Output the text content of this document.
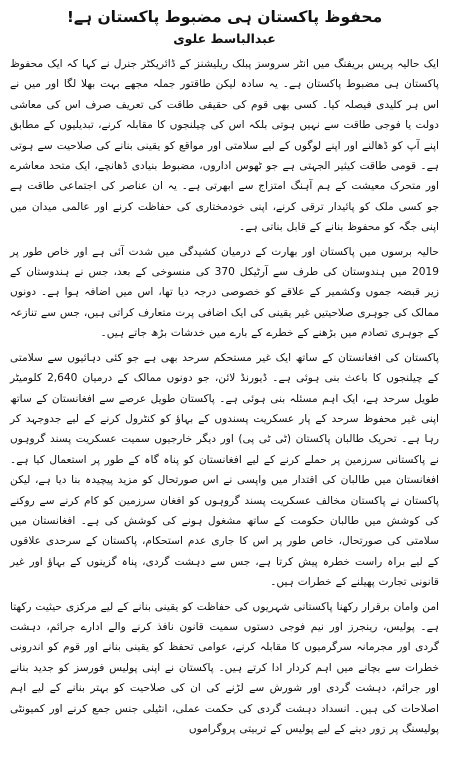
محفوظ پاکستان ہی مضبوط پاکستان ہے!
عبدالباسط علوی

ایک حالیہ پریس بریفنگ میں انٹر سروسز پبلک ریلیشنز کے ڈائریکٹر جنرل نے کہا کہ ایک محفوظ پاکستان ہی مضبوط پاکستان ہے۔ یہ سادہ لیکن طاقتور جملہ مجھے بہت بھلا لگا اور میں نے اس ہر کلیدی فیصلہ کیا۔ کسی بھی قوم کی حقیقی طاقت کی تعریف صرف اس کی معاشی دولت یا فوجی طاقت سے نہیں ہوتی بلکہ اس کی چیلنجوں کا مقابلہ کرنے، تبدیلیوں کے مطابق اپنے آپ کو ڈھالنے اور اپنے لوگوں کے لیے سلامتی اور مواقع کو یقینی بنانے کی صلاحیت سے ہوتی ہے۔ قومی طاقت کیثیر الجہتی ہے جو ٹھوس اداروں، مضبوط بنیادی ڈھانچے، ایک متحد معاشرے اور متحرک معیشت کے ہم آہنگ امتزاج سے ابھرتی ہے۔ یہ ان عناصر کی اجتماعی طاقت ہے جو کسی ملک کو پائیدار ترقی کرنے، اپنی خودمختاری کی حفاظت کرنے اور عالمی میدان میں اپنی جگہ کو محفوظ بنانے کے قابل بناتی ہے۔

حالیہ برسوں میں پاکستان اور بھارت کے درمیان کشیدگی میں شدت آئی ہے اور خاص طور پر 2019 میں ہندوستان کی طرف سے آرٹیکل 370 کی منسوخی کے بعد، جس نے ہندوستان کے زیر قبضہ جموں وکشمیر کے علاقے کو خصوصی درجہ دیا تھا، اس میں اضافہ ہوا ہے۔ دونوں ممالک کی جوہری صلاحیتیں غیر یقینی کی ایک اضافی پرت متعارف کراتی ہیں، جس سے تنازعہ کے جوہری تصادم میں بڑھنے کے خطرے کے بارے میں خدشات بڑھ جاتے ہیں۔

پاکستان کی افغانستان کے ساتھ ایک غیر مستحکم سرحد بھی ہے جو کئی دہائیوں سے سلامتی کے چیلنجوں کا باعث بنی ہوئی ہے۔ ڈیورنڈ لائن، جو دونوں ممالک کے درمیان 2,640 کلومیٹر طویل سرحد ہے، ایک اہم مسئلہ بنی ہوئی ہے۔ پاکستان طویل عرصے سے افغانستان کے ساتھ اپنی غیر محفوظ سرحد کے پار عسکریت پسندوں کے بہاؤ کو کنٹرول کرنے کے لیے جدوجہد کر رہا ہے۔ تحریک طالبان پاکستان (ٹی ٹی پی) اور دیگر خارجیوں سمیت عسکریت پسند گروہوں نے پاکستانی سرزمین پر حملے کرنے کے لیے افغانستان کو پناہ گاہ کے طور پر استعمال کیا ہے۔ افغانستان میں طالبان کی اقتدار میں واپسی نے اس صورتحال کو مزید پیچیدہ بنا دیا ہے، لیکن پاکستان نے پاکستان مخالف عسکریت پسند گروہوں کو افغان سرزمین کو کام کرنے سے روکنے کی کوشش میں طالبان حکومت کے ساتھ مشغول ہونے کی کوشش کی ہے۔ افغانستان میں سلامتی کی صورتحال، خاص طور پر اس کا جاری عدم استحکام، پاکستان کے سرحدی علاقوں کے لیے براہ راست خطرہ پیش کرتا ہے، جس سے دہشت گردی، پناہ گزینوں کے بہاؤ اور غیر قانونی تجارت پھیلنے کے خطرات ہیں۔

امن وامان برقرار رکھنا پاکستانی شہریوں کی حفاظت کو یقینی بنانے کے لیے مرکزی حیثیت رکھتا ہے۔ پولیس، رینجرز اور نیم فوجی دستوں سمیت قانون نافذ کرنے والے ادارے جرائم، دہشت گردی اور مجرمانہ سرگرمیوں کا مقابلہ کرنے، عوامی تحفظ کو یقینی بنانے اور قوم کو اندرونی خطرات سے بچانے میں اہم کردار ادا کرتے ہیں۔ پاکستان نے اپنی پولیس فورسز کو جدید بنانے اور جرائم، دہشت گردی اور شورش سے لڑنے کی ان کی صلاحیت کو بہتر بنانے کے لیے اہم اصلاحات کی ہیں۔ انسداد دہشت گردی کی حکمت عملی، انٹیلی جنس جمع کرنے اور کمیونٹی پولیسنگ پر زور دینے کے لیے پولیس کے تربیتی پروگراموں
